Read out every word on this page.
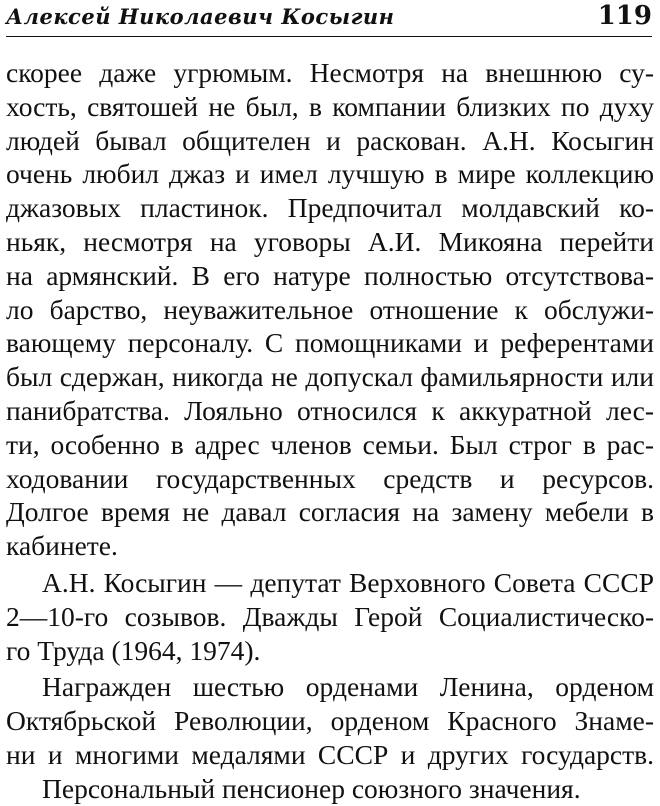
Алексей Николаевич Косыгин	119
скорее даже угрюмым. Несмотря на внешнюю су-
хость, святошей не был, в компании близких по духу
людей бывал общителен и раскован. А.Н. Косыгин
очень любил джаз и имел лучшую в мире коллекцию
джазовых пластинок. Предпочитал молдавский ко-
ньяк, несмотря на уговоры А.И. Микояна перейти
на армянский. В его натуре полностью отсутствова-
ло барство, неуважительное отношение к обслужи-
вающему персоналу. С помощниками и референтами
был сдержан, никогда не допускал фамильярности или
панибратства. Лояльно относился к аккуратной лес-
ти, особенно в адрес членов семьи. Был строг в рас-
ходовании государственных средств и ресурсов.
Долгое время не давал согласия на замену мебели в
кабинете.
А.Н. Косыгин — депутат Верховного Совета СССР
2—10-го созывов. Дважды Герой Социалистическо-
го Труда (1964, 1974).
Награжден шестью орденами Ленина, орденом
Октябрьской Революции, орденом Красного Знаме-
ни и многими медалями СССР и других государств.
Персональный пенсионер союзного значения.
